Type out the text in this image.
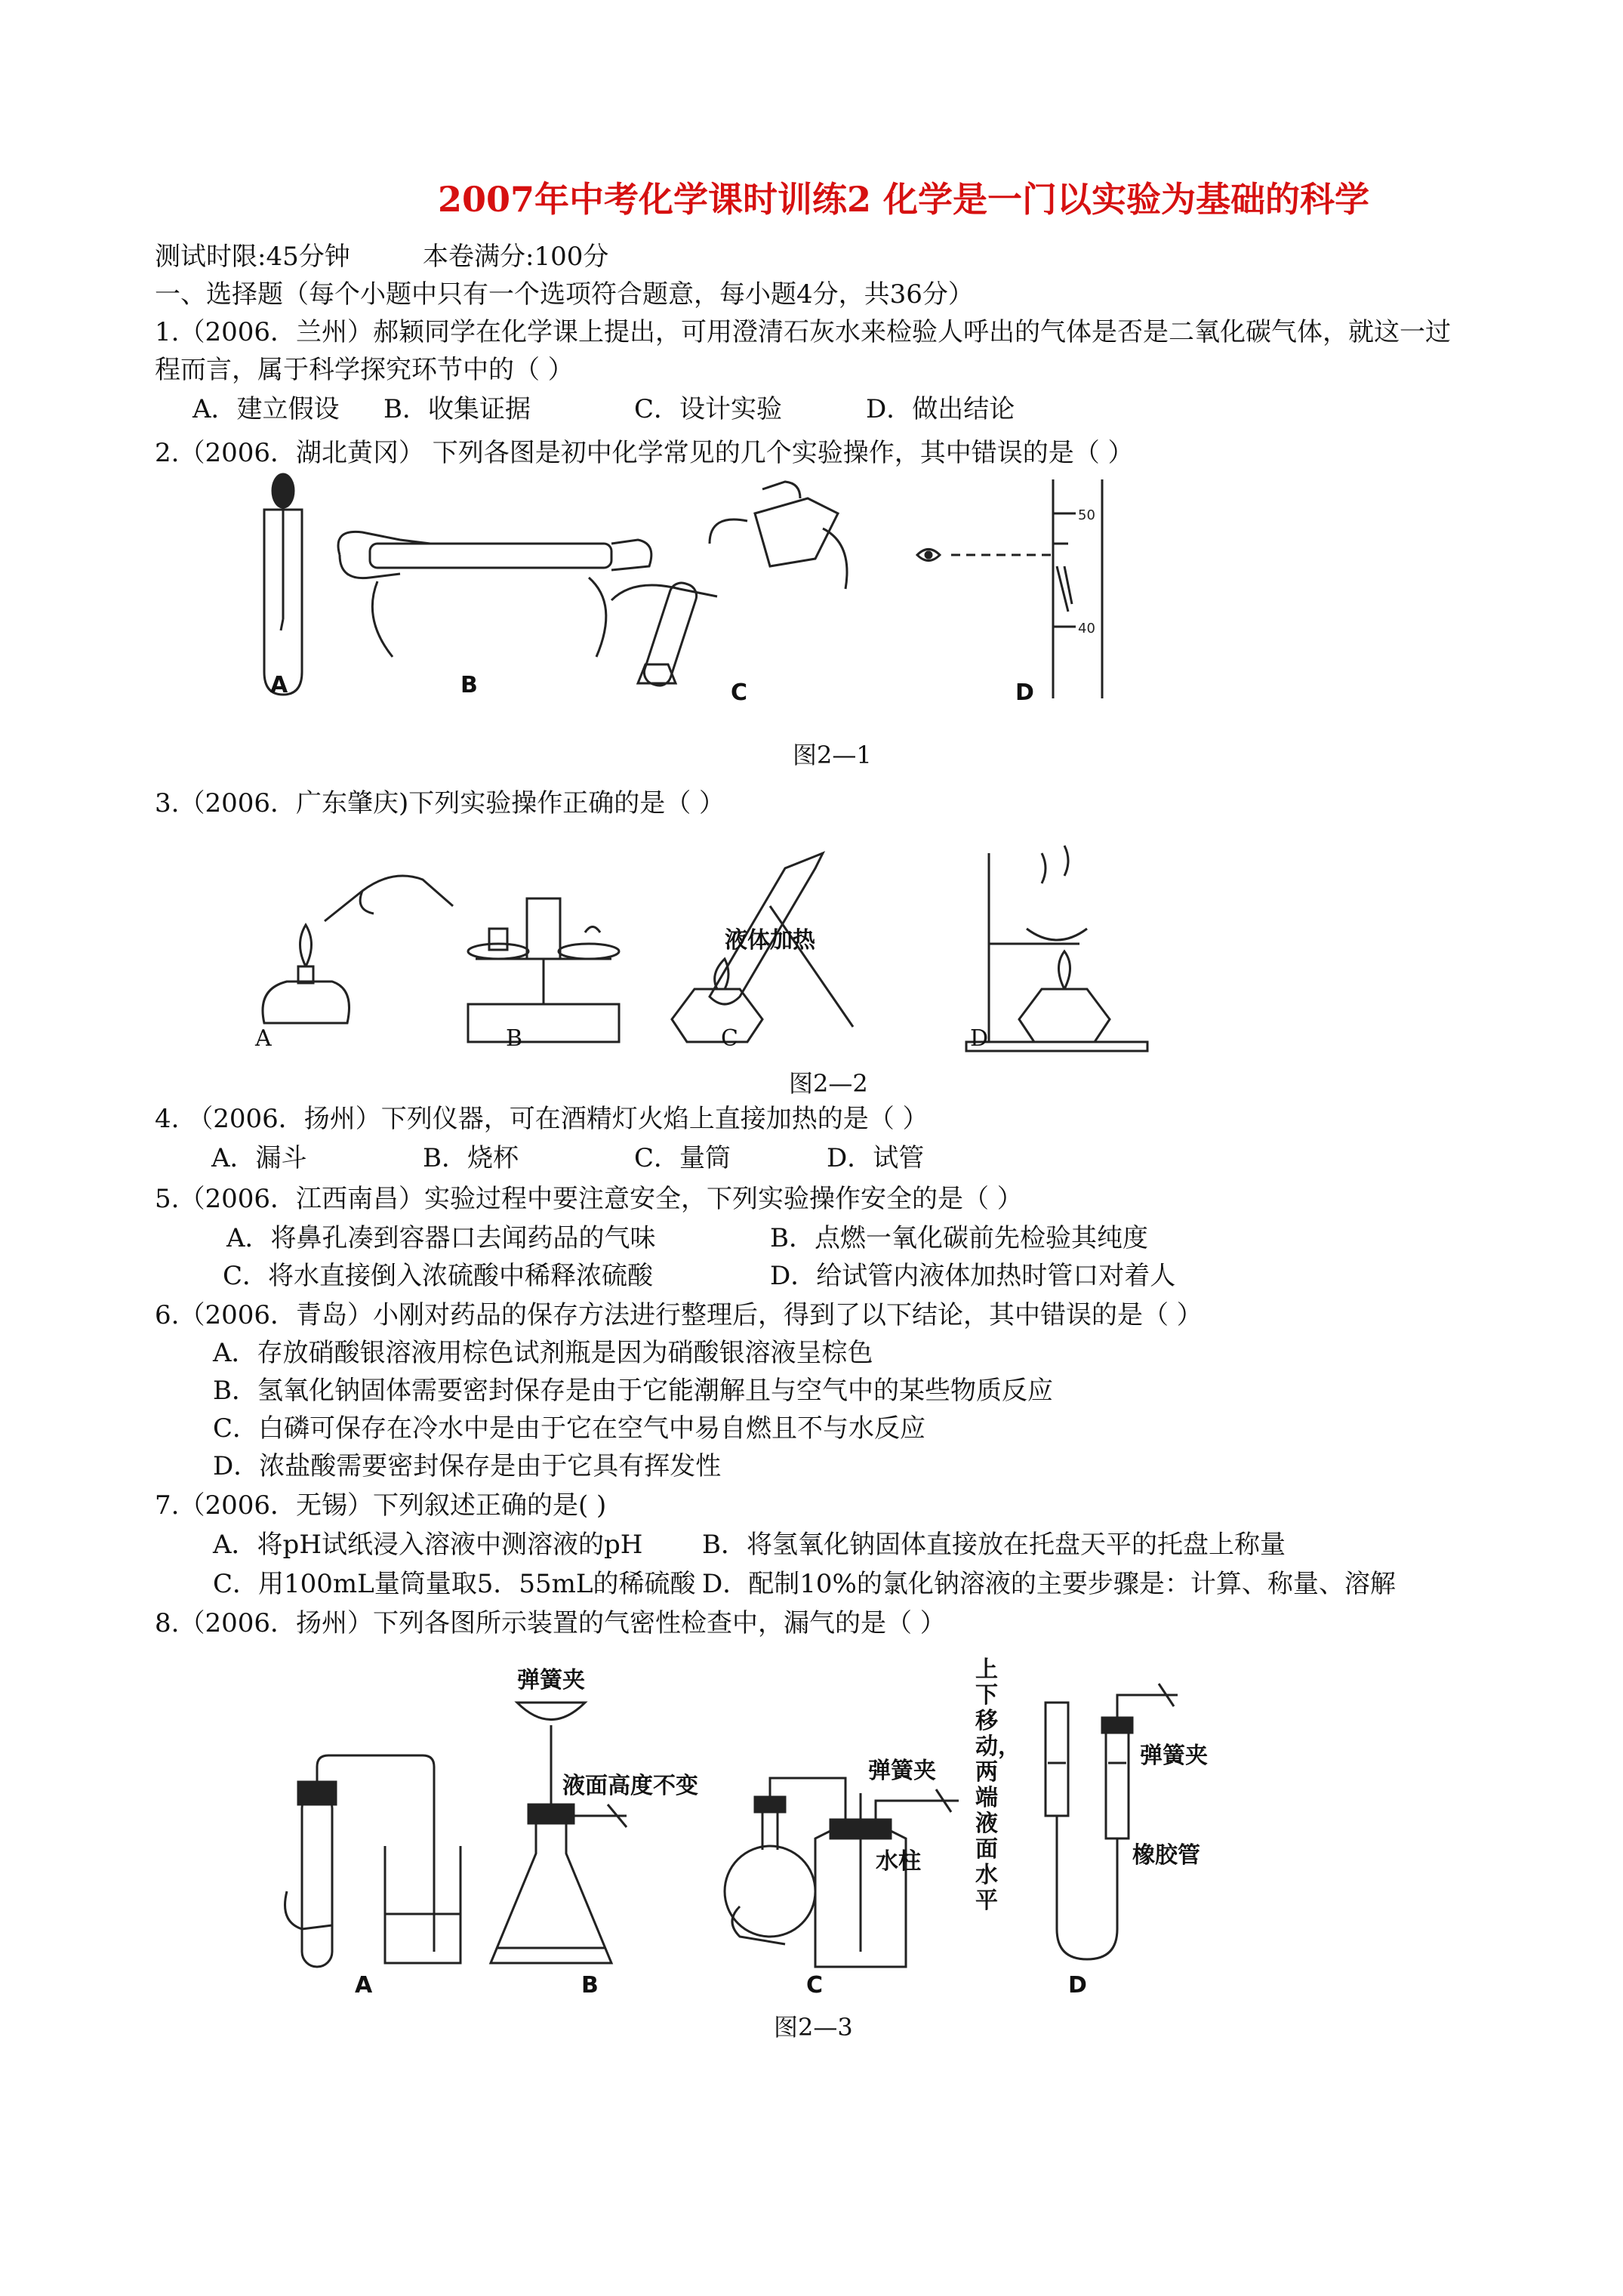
2007年中考化学课时训练2 化学是一门以实验为基础的科学
测试时限:45分钟	本卷满分:100分
一、选择题（每个小题中只有一个选项符合题意，每小题4分，共36分）
1.（2006．兰州）郝颖同学在化学课上提出，可用澄清石灰水来检验人呼出的气体是否是二氧化碳气体，就这一过
程而言，属于科学探究环节中的（ ）
A．建立假设 B．收集证据	C．设计实验	D．做出结论
2.（2006．湖北黄冈） 下列各图是初中化学常见的几个实验操作，其中错误的是（ ）
50
40
A	B	C	D
图2—1
3.（2006．广东肇庆)下列实验操作正确的是（ ）
液体加热
A	B	C	D
图2—2
4. （2006．扬州）下列仪器，可在酒精灯火焰上直接加热的是（ ）
A．漏斗	B．烧杯	C．量筒	D．试管
5.（2006．江西南昌）实验过程中要注意安全，下列实验操作安全的是（ ）
A．将鼻孔凑到容器口去闻药品的气味	B．点燃一氧化碳前先检验其纯度
C．将水直接倒入浓硫酸中稀释浓硫酸	D．给试管内液体加热时管口对着人
6.（2006．青岛）小刚对药品的保存方法进行整理后，得到了以下结论，其中错误的是（ ）
A．存放硝酸银溶液用棕色试剂瓶是因为硝酸银溶液呈棕色
B．氢氧化钠固体需要密封保存是由于它能潮解且与空气中的某些物质反应
C．白磷可保存在冷水中是由于它在空气中易自燃且不与水反应
D．浓盐酸需要密封保存是由于它具有挥发性
7.（2006．无锡）下列叙述正确的是( )
A．将pH试纸浸入溶液中测溶液的pH B．将氢氧化钠固体直接放在托盘天平的托盘上称量
C．用100mL量筒量取5．55mL的稀硫酸 D．配制10%的氯化钠溶液的主要步骤是：计算、称量、溶解
8.（2006．扬州）下列各图所示装置的气密性检查中，漏气的是（ ）
弹簧夹
液面高度不变
弹簧夹
水柱
弹簧夹
橡胶管
上下移动，两端液面水平
A	B	C	D
图2—3
